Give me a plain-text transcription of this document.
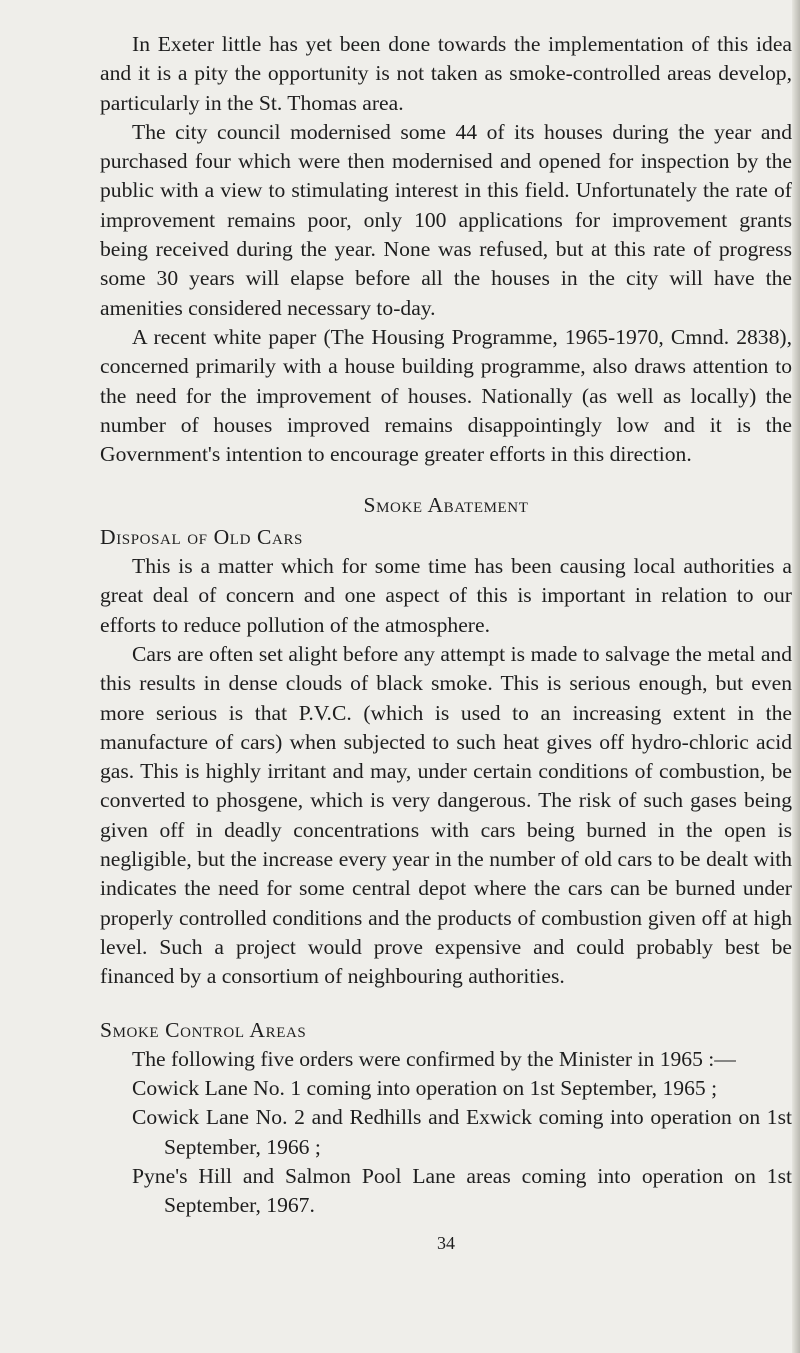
In Exeter little has yet been done towards the implementation of this idea and it is a pity the opportunity is not taken as smoke-controlled areas develop, particularly in the St. Thomas area.

The city council modernised some 44 of its houses during the year and purchased four which were then modernised and opened for inspection by the public with a view to stimulating interest in this field. Unfortunately the rate of improvement remains poor, only 100 applications for improvement grants being received during the year. None was refused, but at this rate of progress some 30 years will elapse before all the houses in the city will have the amenities considered necessary to-day.

A recent white paper (The Housing Programme, 1965-1970, Cmnd. 2838), concerned primarily with a house building programme, also draws attention to the need for the improvement of houses. Nationally (as well as locally) the number of houses improved remains disappointingly low and it is the Government's intention to encourage greater efforts in this direction.

Smoke Abatement
Disposal of Old Cars

This is a matter which for some time has been causing local authorities a great deal of concern and one aspect of this is important in relation to our efforts to reduce pollution of the atmosphere.

Cars are often set alight before any attempt is made to salvage the metal and this results in dense clouds of black smoke. This is serious enough, but even more serious is that P.V.C. (which is used to an increasing extent in the manufacture of cars) when subjected to such heat gives off hydro-chloric acid gas. This is highly irritant and may, under certain conditions of combustion, be converted to phosgene, which is very dangerous. The risk of such gases being given off in deadly concentrations with cars being burned in the open is negligible, but the increase every year in the number of old cars to be dealt with indicates the need for some central depot where the cars can be burned under properly controlled conditions and the products of combustion given off at high level. Such a project would prove expensive and could probably best be financed by a consortium of neighbouring authorities.

Smoke Control Areas

The following five orders were confirmed by the Minister in 1965 :—

Cowick Lane No. 1 coming into operation on 1st September, 1965 ;

Cowick Lane No. 2 and Redhills and Exwick coming into operation on 1st September, 1966 ;

Pyne's Hill and Salmon Pool Lane areas coming into operation on 1st September, 1967.

34
